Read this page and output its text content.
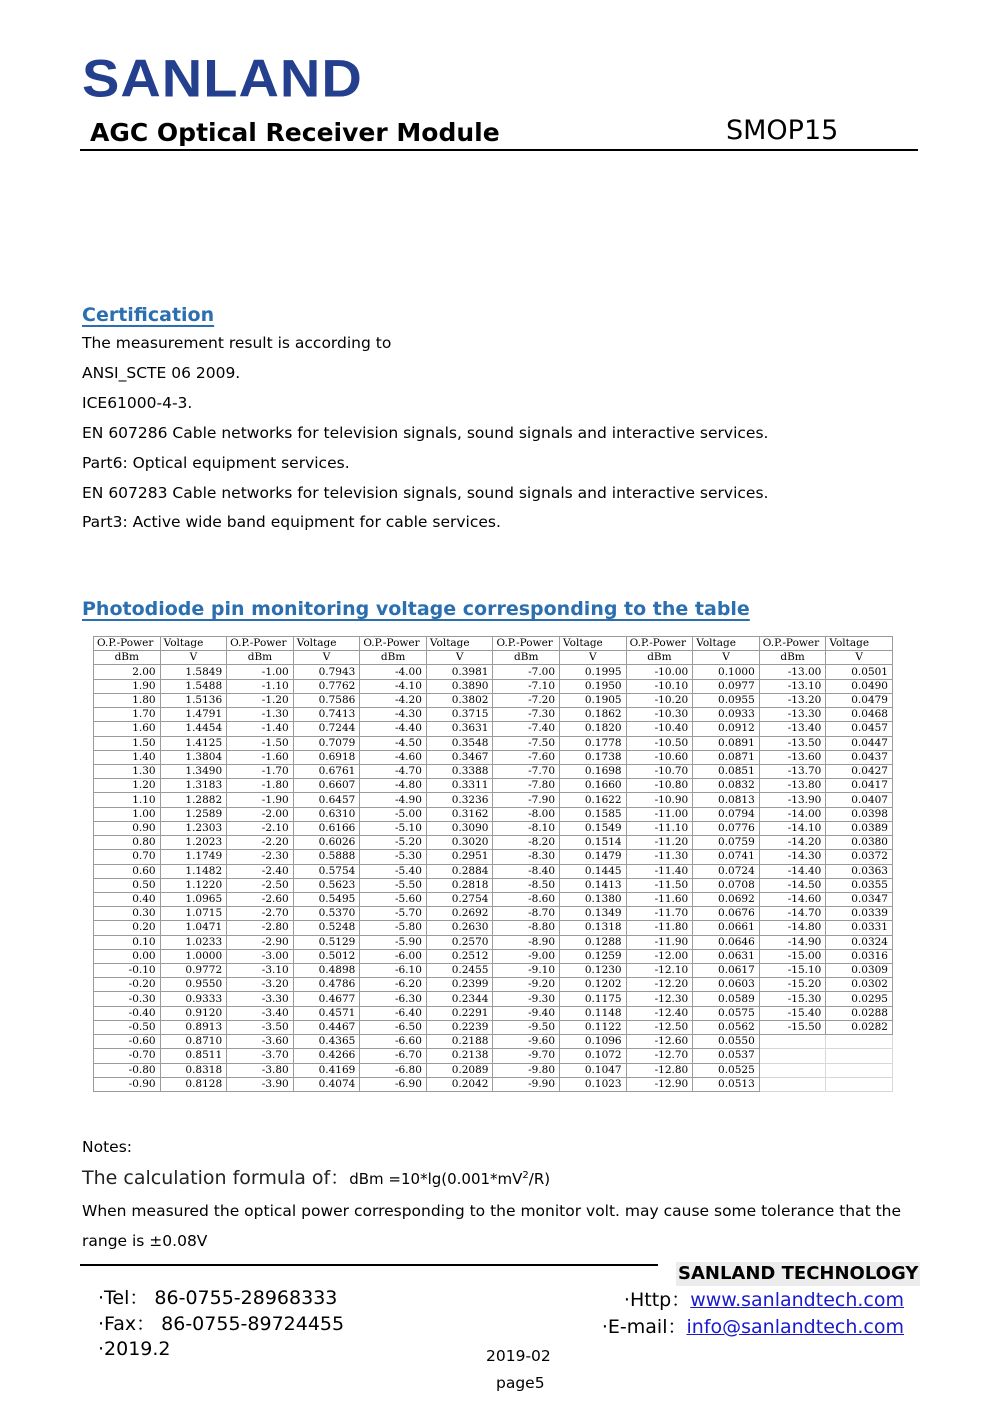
SANLAND
AGC Optical Receiver Module	SMOP15
Certification
The measurement result is according to
ANSI_SCTE 06 2009.
ICE61000-4-3.
EN 607286 Cable networks for television signals, sound signals and interactive services.
Part6: Optical equipment services.
EN 607283 Cable networks for television signals, sound signals and interactive services.
Part3: Active wide band equipment for cable services.
Photodiode pin monitoring voltage corresponding to the table
O.P.-Power	Voltage	O.P.-Power	Voltage	O.P.-Power	Voltage	O.P.-Power	Voltage	O.P.-Power	Voltage	O.P.-Power	Voltage
dBm	V	dBm	V	dBm	V	dBm	V	dBm	V	dBm	V
2.00	1.5849	-1.00	0.7943	-4.00	0.3981	-7.00	0.1995	-10.00	0.1000	-13.00	0.0501
1.90	1.5488	-1.10	0.7762	-4.10	0.3890	-7.10	0.1950	-10.10	0.0977	-13.10	0.0490
1.80	1.5136	-1.20	0.7586	-4.20	0.3802	-7.20	0.1905	-10.20	0.0955	-13.20	0.0479
1.70	1.4791	-1.30	0.7413	-4.30	0.3715	-7.30	0.1862	-10.30	0.0933	-13.30	0.0468
1.60	1.4454	-1.40	0.7244	-4.40	0.3631	-7.40	0.1820	-10.40	0.0912	-13.40	0.0457
1.50	1.4125	-1.50	0.7079	-4.50	0.3548	-7.50	0.1778	-10.50	0.0891	-13.50	0.0447
1.40	1.3804	-1.60	0.6918	-4.60	0.3467	-7.60	0.1738	-10.60	0.0871	-13.60	0.0437
1.30	1.3490	-1.70	0.6761	-4.70	0.3388	-7.70	0.1698	-10.70	0.0851	-13.70	0.0427
1.20	1.3183	-1.80	0.6607	-4.80	0.3311	-7.80	0.1660	-10.80	0.0832	-13.80	0.0417
1.10	1.2882	-1.90	0.6457	-4.90	0.3236	-7.90	0.1622	-10.90	0.0813	-13.90	0.0407
1.00	1.2589	-2.00	0.6310	-5.00	0.3162	-8.00	0.1585	-11.00	0.0794	-14.00	0.0398
0.90	1.2303	-2.10	0.6166	-5.10	0.3090	-8.10	0.1549	-11.10	0.0776	-14.10	0.0389
0.80	1.2023	-2.20	0.6026	-5.20	0.3020	-8.20	0.1514	-11.20	0.0759	-14.20	0.0380
0.70	1.1749	-2.30	0.5888	-5.30	0.2951	-8.30	0.1479	-11.30	0.0741	-14.30	0.0372
0.60	1.1482	-2.40	0.5754	-5.40	0.2884	-8.40	0.1445	-11.40	0.0724	-14.40	0.0363
0.50	1.1220	-2.50	0.5623	-5.50	0.2818	-8.50	0.1413	-11.50	0.0708	-14.50	0.0355
0.40	1.0965	-2.60	0.5495	-5.60	0.2754	-8.60	0.1380	-11.60	0.0692	-14.60	0.0347
0.30	1.0715	-2.70	0.5370	-5.70	0.2692	-8.70	0.1349	-11.70	0.0676	-14.70	0.0339
0.20	1.0471	-2.80	0.5248	-5.80	0.2630	-8.80	0.1318	-11.80	0.0661	-14.80	0.0331
0.10	1.0233	-2.90	0.5129	-5.90	0.2570	-8.90	0.1288	-11.90	0.0646	-14.90	0.0324
0.00	1.0000	-3.00	0.5012	-6.00	0.2512	-9.00	0.1259	-12.00	0.0631	-15.00	0.0316
-0.10	0.9772	-3.10	0.4898	-6.10	0.2455	-9.10	0.1230	-12.10	0.0617	-15.10	0.0309
-0.20	0.9550	-3.20	0.4786	-6.20	0.2399	-9.20	0.1202	-12.20	0.0603	-15.20	0.0302
-0.30	0.9333	-3.30	0.4677	-6.30	0.2344	-9.30	0.1175	-12.30	0.0589	-15.30	0.0295
-0.40	0.9120	-3.40	0.4571	-6.40	0.2291	-9.40	0.1148	-12.40	0.0575	-15.40	0.0288
-0.50	0.8913	-3.50	0.4467	-6.50	0.2239	-9.50	0.1122	-12.50	0.0562	-15.50	0.0282
-0.60	0.8710	-3.60	0.4365	-6.60	0.2188	-9.60	0.1096	-12.60	0.0550		
-0.70	0.8511	-3.70	0.4266	-6.70	0.2138	-9.70	0.1072	-12.70	0.0537		
-0.80	0.8318	-3.80	0.4169	-6.80	0.2089	-9.80	0.1047	-12.80	0.0525		
-0.90	0.8128	-3.90	0.4074	-6.90	0.2042	-9.90	0.1023	-12.90	0.0513		
Notes:
The calculation formula of：dBm $=10*\lg(0.001*mV^2/R)$
When measured the optical power corresponding to the monitor volt. may cause some tolerance that the range is ±0.08V
SANLAND TECHNOLOGY
·Tel： 86-0755-28968333
·Fax： 86-0755-89724455
·2019.2
·Http：www.sanlandtech.com
·E-mail：info@sanlandtech.com
2019-02
page5
